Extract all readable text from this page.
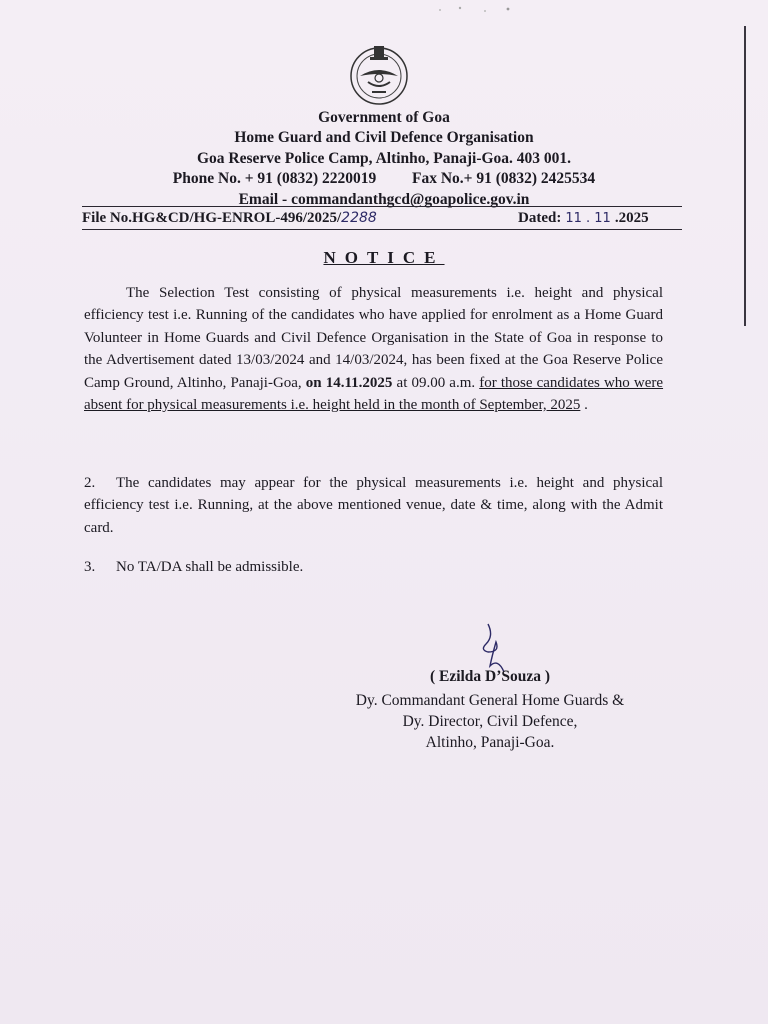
Government of Goa
Home Guard and Civil Defence Organisation
Goa Reserve Police Camp, Altinho, Panaji-Goa. 403 001.
Phone No. + 91 (0832) 2220019 Fax No.+ 91 (0832) 2425534
Email - commandanthgcd@goapolice.gov.in
File No.HG&CD/HG-ENROL-496/2025/2288	Dated: 11 . 11 .2025
NOTICE
The Selection Test consisting of physical measurements i.e. height and physical efficiency test i.e. Running of the candidates who have applied for enrolment as a Home Guard Volunteer in Home Guards and Civil Defence Organisation in the State of Goa in response to the Advertisement dated 13/03/2024 and 14/03/2024, has been fixed at the Goa Reserve Police Camp Ground, Altinho, Panaji-Goa, on 14.11.2025 at 09.00 a.m. for those candidates who were absent for physical measurements i.e. height held in the month of September, 2025 .
2. The candidates may appear for the physical measurements i.e. height and physical efficiency test i.e. Running, at the above mentioned venue, date & time, along with the Admit card.
3. No TA/DA shall be admissible.
( Ezilda D’Souza )
Dy. Commandant General Home Guards &
Dy. Director, Civil Defence,
Altinho, Panaji-Goa.
